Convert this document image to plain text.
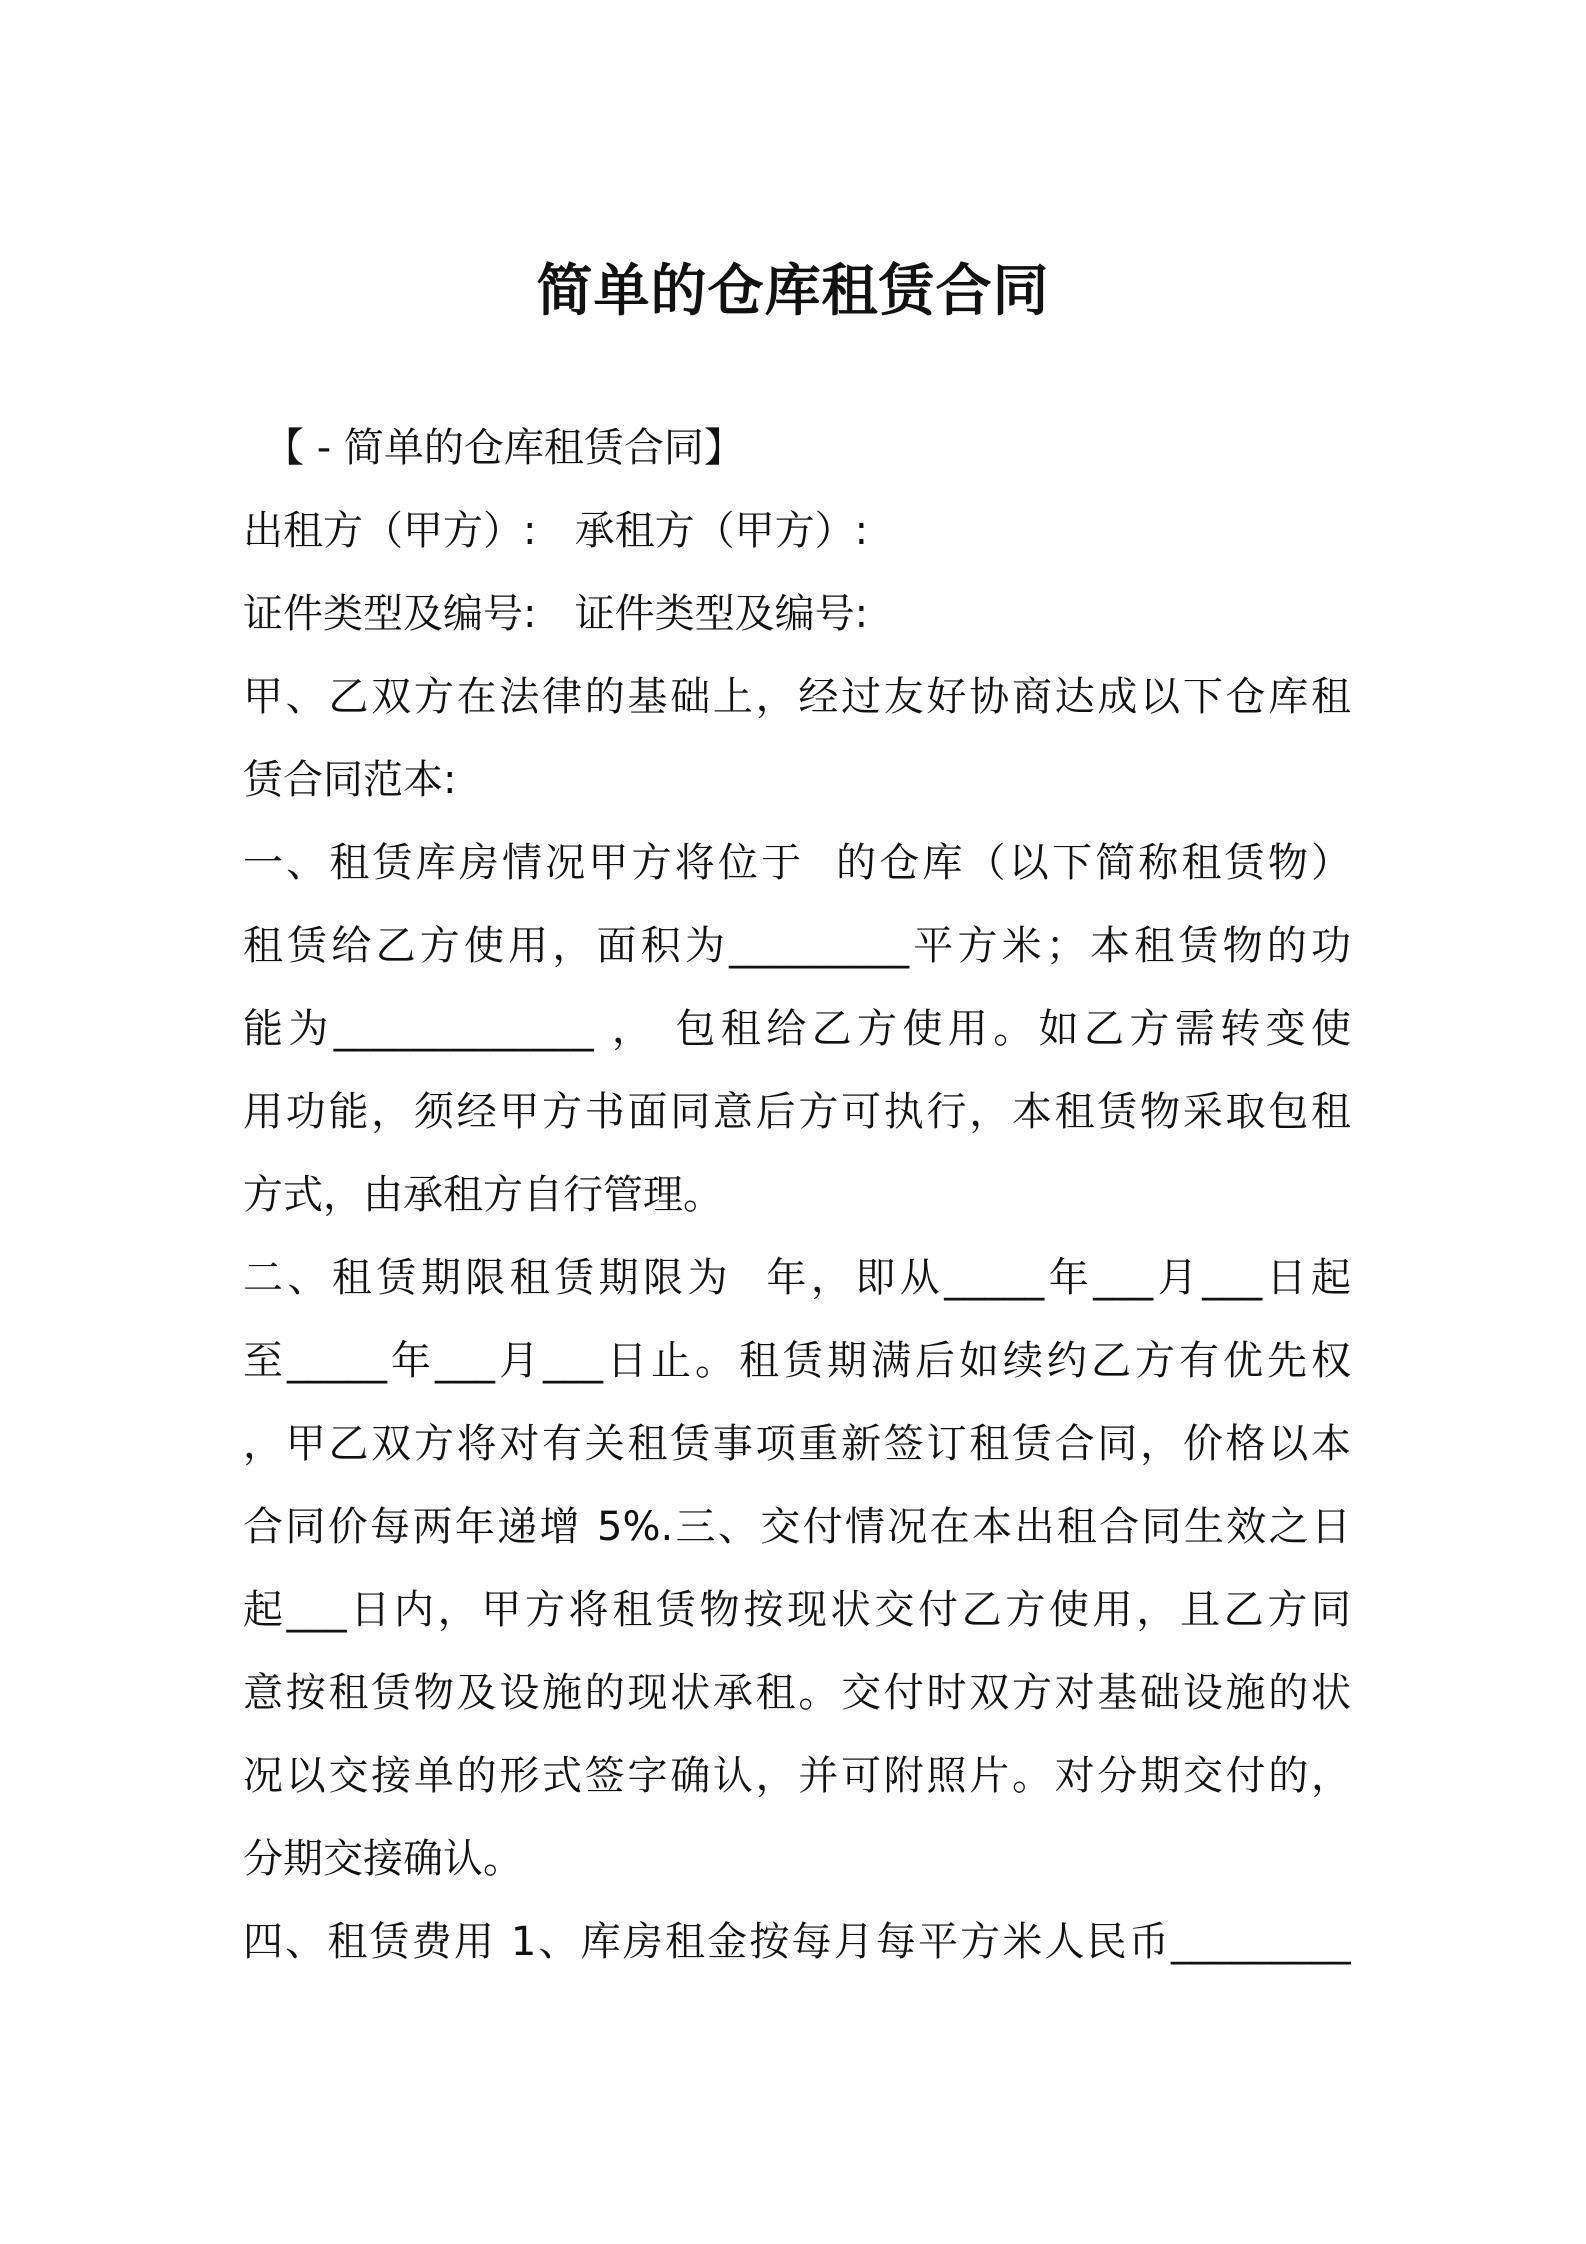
简单的仓库租赁合同
【 - 简单的仓库租赁合同】
出租方（甲方）:   承租方（甲方）:
证件类型及编号:   证件类型及编号:
甲、乙双方在法律的基础上，经过友好协商达成以下仓库租
赁合同范本:
一、租赁库房情况甲方将位于  的仓库（以下简称租赁物）
租赁给乙方使用，面积为_________平方米；本租赁物的功
能为_____________ ， 包租给乙方使用。如乙方需转变使
用功能，须经甲方书面同意后方可执行，本租赁物采取包租
方式，由承租方自行管理。
二、租赁期限租赁期限为  年，即从_____年___月___日起
至_____年___月___日止。租赁期满后如续约乙方有优先权
，甲乙双方将对有关租赁事项重新签订租赁合同，价格以本
合同价每两年递增 5%.三、交付情况在本出租合同生效之日
起___日内，甲方将租赁物按现状交付乙方使用，且乙方同
意按租赁物及设施的现状承租。交付时双方对基础设施的状
况以交接单的形式签字确认，并可附照片。对分期交付的，
分期交接确认。
四、租赁费用 1、库房租金按每月每平方米人民币_________
